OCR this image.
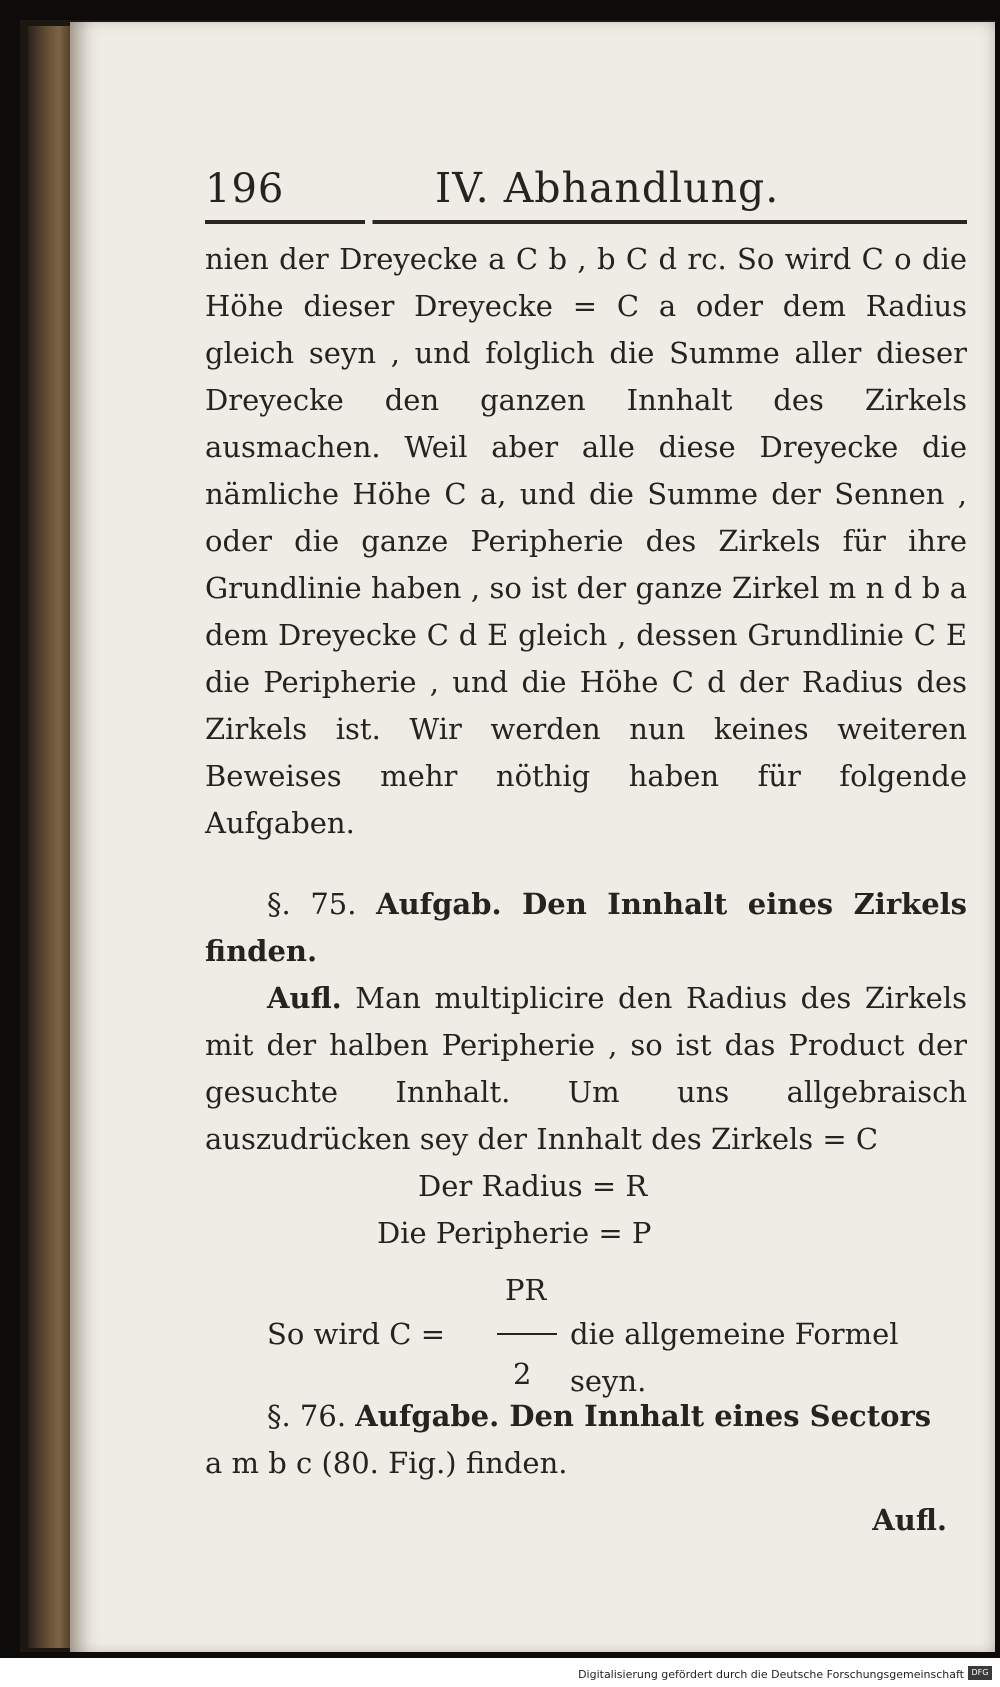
196	IV. Abhandlung.

nien der Dreyecke a C b , b C d rc. So wird C o die Höhe dieser Dreyecke = C a oder dem Radius gleich seyn , und folglich die Summe aller dieser Dreyecke den ganzen Innhalt des Zirkels ausmachen. Weil aber alle diese Dreyecke die nämliche Höhe C a, und die Summe der Sennen , oder die ganze Peripherie des Zirkels für ihre Grundlinie haben , so ist der ganze Zirkel m n d b a dem Dreyecke C d E gleich , dessen Grundlinie C E die Peripherie , und die Höhe C d der Radius des Zirkels ist. Wir werden nun keines weiteren Beweises mehr nöthig haben für folgende Aufgaben.

§. 75. Aufgab. Den Innhalt eines Zirkels finden.

Aufl. Man multiplicire den Radius des Zirkels mit der halben Peripherie , so ist das Product der gesuchte Innhalt. Um uns allgebraisch auszudrücken sey der Innhalt des Zirkels = C

Der Radius = R
Die Peripherie = P
PR
So wird C =	die allgemeine Formel seyn.
2

§. 76. Aufgabe. Den Innhalt eines Sectors

a m b c (80. Fig.) finden.

Aufl.
Digitalisierung gefördert durch die Deutsche Forschungsgemeinschaft DFG
